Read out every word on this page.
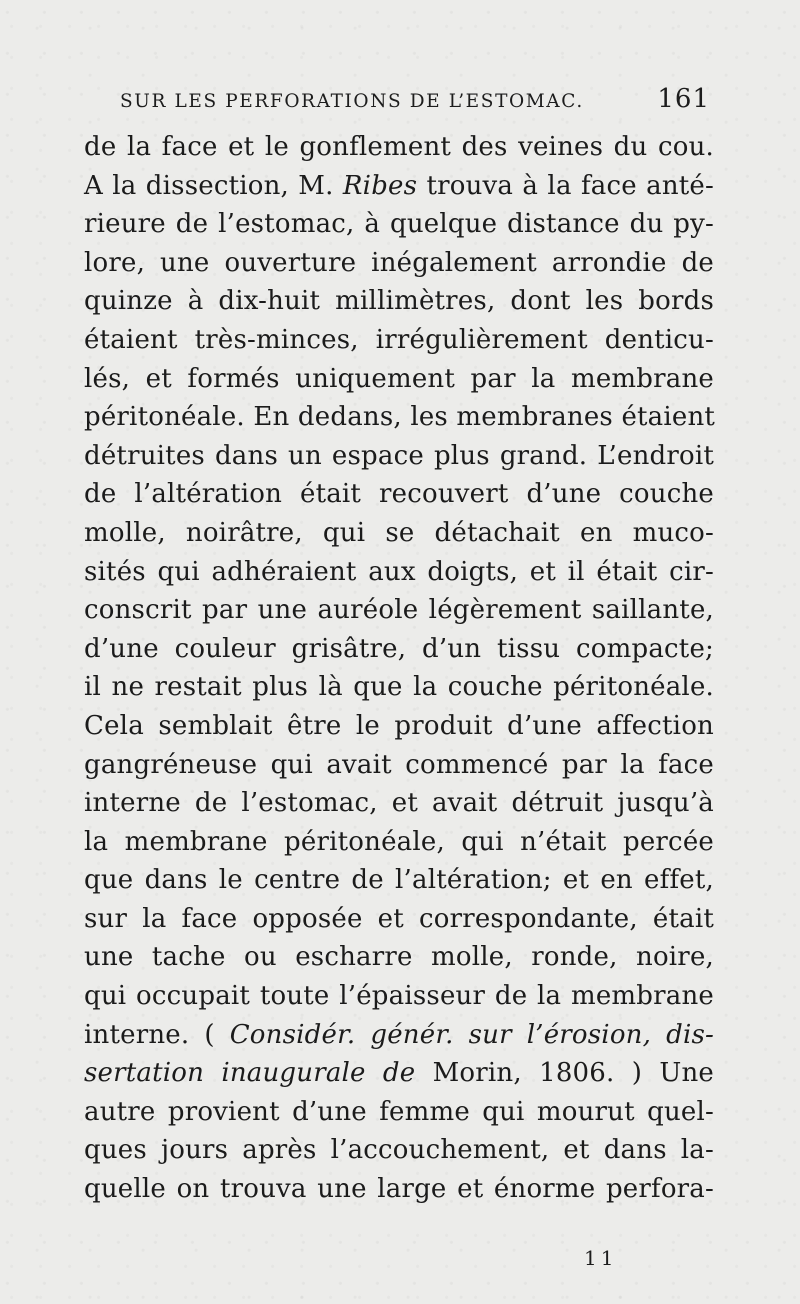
SUR LES PERFORATIONS DE L’ESTOMAC.	161
de la face et le gonflement des veines du cou.
A la dissection, M. Ribes trouva à la face anté-
rieure de l’estomac, à quelque distance du py-
lore, une ouverture inégalement arrondie de
quinze à dix-huit millimètres, dont les bords
étaient très-minces, irrégulièrement denticu-
lés, et formés uniquement par la membrane
péritonéale. En dedans, les membranes étaient
détruites dans un espace plus grand. L’endroit
de l’altération était recouvert d’une couche
molle, noirâtre, qui se détachait en muco-
sités qui adhéraient aux doigts, et il était cir-
conscrit par une auréole légèrement saillante,
d’une couleur grisâtre, d’un tissu compacte;
il ne restait plus là que la couche péritonéale.
Cela semblait être le produit d’une affection
gangréneuse qui avait commencé par la face
interne de l’estomac, et avait détruit jusqu’à
la membrane péritonéale, qui n’était percée
que dans le centre de l’altération; et en effet,
sur la face opposée et correspondante, était
une tache ou escharre molle, ronde, noire,
qui occupait toute l’épaisseur de la membrane
interne. ( Considér. génér. sur l’érosion, dis-
sertation inaugurale de Morin, 1806. ) Une
autre provient d’une femme qui mourut quel-
ques jours après l’accouchement, et dans la-
quelle on trouva une large et énorme perfora-
11
